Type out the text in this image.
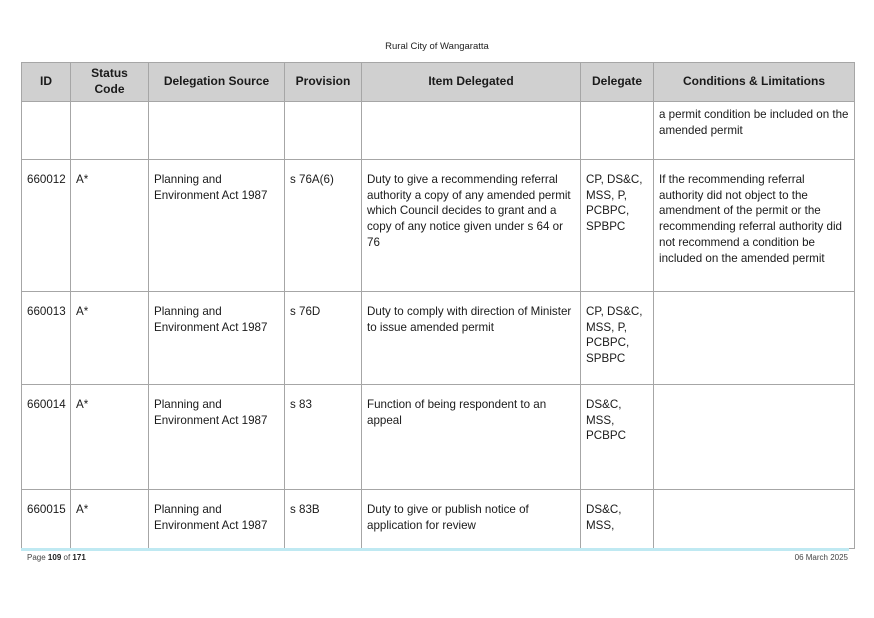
Rural City of Wangaratta
ID	Status Code	Delegation Source	Provision	Item Delegated	Delegate	Conditions & Limitations
						a permit condition be included on the amended permit
660012	A*	Planning and Environment Act 1987	s 76A(6)	Duty to give a recommending referral authority a copy of any amended permit which Council decides to grant and a copy of any notice given under s 64 or 76	CP, DS&C, MSS, P, PCBPC, SPBPC	If the recommending referral authority did not object to the amendment of the permit or the recommending referral authority did not recommend a condition be included on the amended permit
660013	A*	Planning and Environment Act 1987	s 76D	Duty to comply with direction of Minister to issue amended permit	CP, DS&C, MSS, P, PCBPC, SPBPC	
660014	A*	Planning and Environment Act 1987	s 83	Function of being respondent to an appeal	DS&C, MSS, PCBPC	
660015	A*	Planning and Environment Act 1987	s 83B	Duty to give or publish notice of application for review	DS&C, MSS,	
Page 109 of 171	06 March 2025
